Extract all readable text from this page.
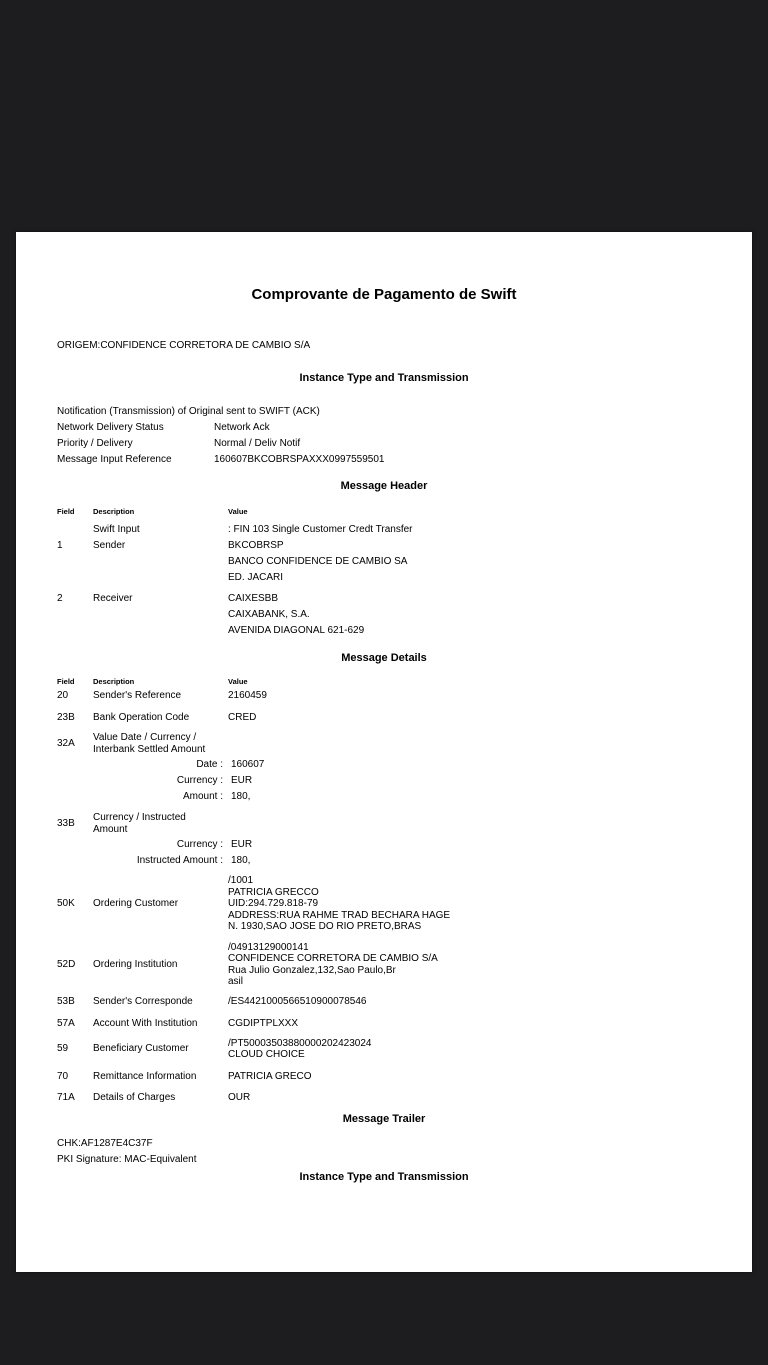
Comprovante de Pagamento de Swift
ORIGEM:CONFIDENCE CORRETORA DE CAMBIO S/A
Instance Type and Transmission
Notification (Transmission) of Original sent to SWIFT (ACK)
Network Delivery Status	Network Ack
Priority / Delivery	Normal / Deliv Notif
Message Input Reference	160607BKCOBRSPAXXX0997559501
Message Header
Field	Description	Value
Swift Input	: FIN 103 Single Customer Credt Transfer
1	Sender	BKCOBRSP
BANCO CONFIDENCE DE CAMBIO SA
ED. JACARI
2	Receiver	CAIXESBB
CAIXABANK, S.A.
AVENIDA DIAGONAL 621-629
Message Details
Field	Description	Value
20	Sender's Reference	2160459
23B	Bank Operation Code	CRED
32A	Value Date / Currency /
Interbank Settled Amount
Date : 160607
Currency : EUR
Amount : 180,
33B	Currency / Instructed
Amount
Currency : EUR
Instructed Amount : 180,
50K	Ordering Customer
/1001
PATRICIA GRECCO
UID:294.729.818-79
ADDRESS:RUA RAHME TRAD BECHARA HAGE
N. 1930,SAO JOSE DO RIO PRETO,BRAS
52D	Ordering Institution
/04913129000141
CONFIDENCE CORRETORA DE CAMBIO S/A
Rua Julio Gonzalez,132,Sao Paulo,Br
asil
53B	Sender's Corresponde	/ES4421000566510900078546
57A	Account With Institution	CGDIPTPLXXX
59	Beneficiary Customer	/PT50003503880000202423024
CLOUD CHOICE
70	Remittance Information	PATRICIA GRECO
71A	Details of Charges	OUR
Message Trailer
CHK:AF1287E4C37F
PKI Signature: MAC-Equivalent
Instance Type and Transmission
